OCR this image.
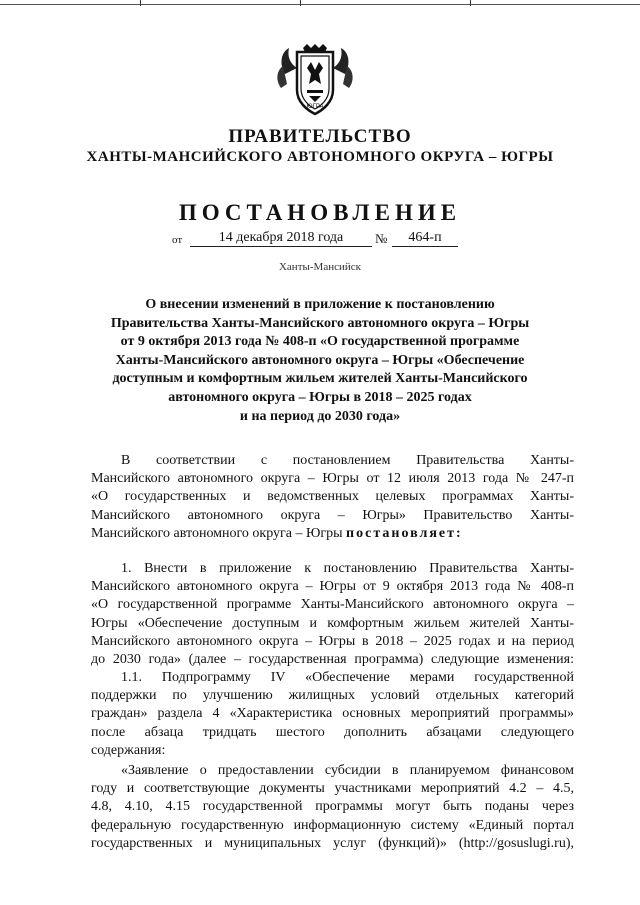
ЮГРА
ПРАВИТЕЛЬСТВО
ХАНТЫ-МАНСИЙСКОГО АВТОНОМНОГО ОКРУГА – ЮГРЫ
ПОСТАНОВЛЕНИЕ
от	14 декабря 2018 года	№	464-п
Ханты-Мансийск
О внесении изменений в приложение к постановлению
Правительства Ханты-Мансийского автономного округа – Югры
от 9 октября 2013 года № 408-п «О государственной программе
Ханты-Мансийского автономного округа – Югры «Обеспечение
доступным и комфортным жильем жителей Ханты-Мансийского
автономного округа – Югры в 2018 – 2025 годах
и на период до 2030 года»
В соответствии с постановлением Правительства Ханты-
Мансийского автономного округа – Югры от 12 июля 2013 года № 247-п
«О государственных и ведомственных целевых программах Ханты-
Мансийского автономного округа – Югры» Правительство Ханты-
Мансийского автономного округа – Югры постановляет:
1. Внести в приложение к постановлению Правительства Ханты-
Мансийского автономного округа – Югры от 9 октября 2013 года № 408-п
«О государственной программе Ханты-Мансийского автономного округа –
Югры «Обеспечение доступным и комфортным жильем жителей Ханты-
Мансийского автономного округа – Югры в 2018 – 2025 годах и на период
до 2030 года» (далее – государственная программа) следующие изменения:
1.1. Подпрограмму IV «Обеспечение мерами государственной
поддержки по улучшению жилищных условий отдельных категорий
граждан» раздела 4 «Характеристика основных мероприятий программы»
после абзаца тридцать шестого дополнить абзацами следующего
содержания:
«Заявление о предоставлении субсидии в планируемом финансовом
году и соответствующие документы участниками мероприятий 4.2 – 4.5,
4.8, 4.10, 4.15 государственной программы могут быть поданы через
федеральную государственную информационную систему «Единый портал
государственных и муниципальных услуг (функций)» (http://gosuslugi.ru),
